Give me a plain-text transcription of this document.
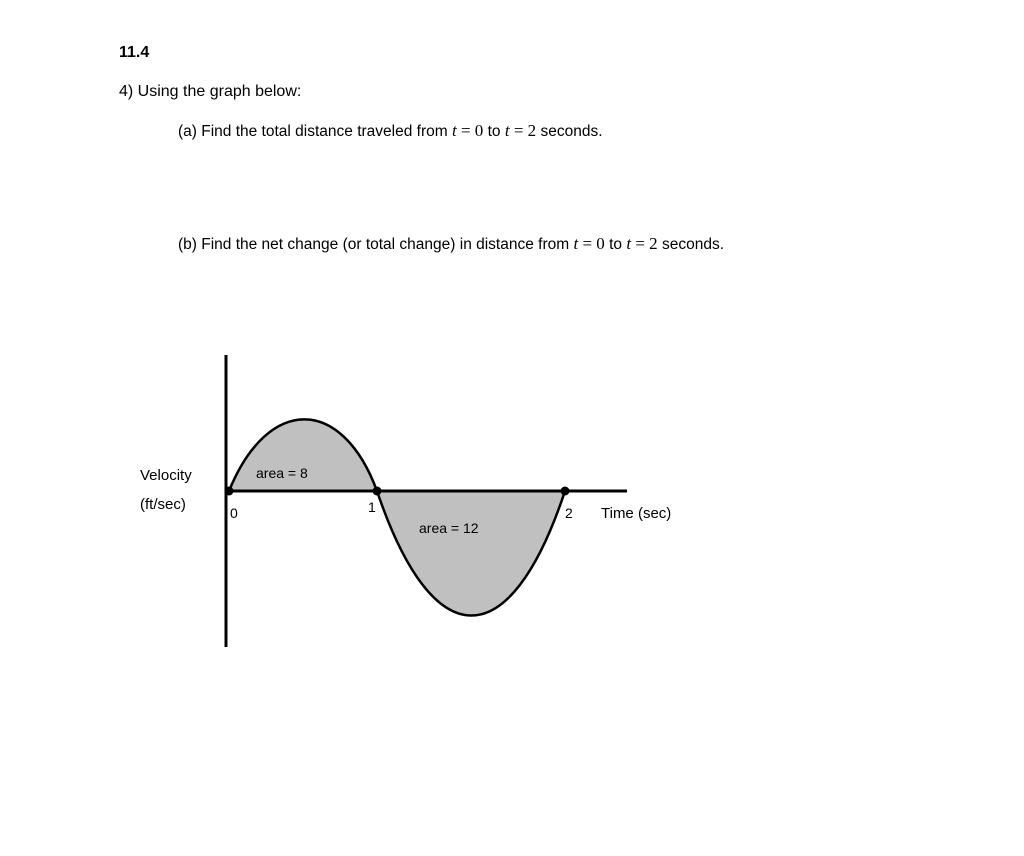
11.4
4) Using the graph below:
(a) Find the total distance traveled from t = 0 to t = 2 seconds.
(b) Find the net change (or total change) in distance from t = 0 to t = 2 seconds.
Velocity
(ft/sec)	0	1	2 Time (sec)
area = 8
area = 12
